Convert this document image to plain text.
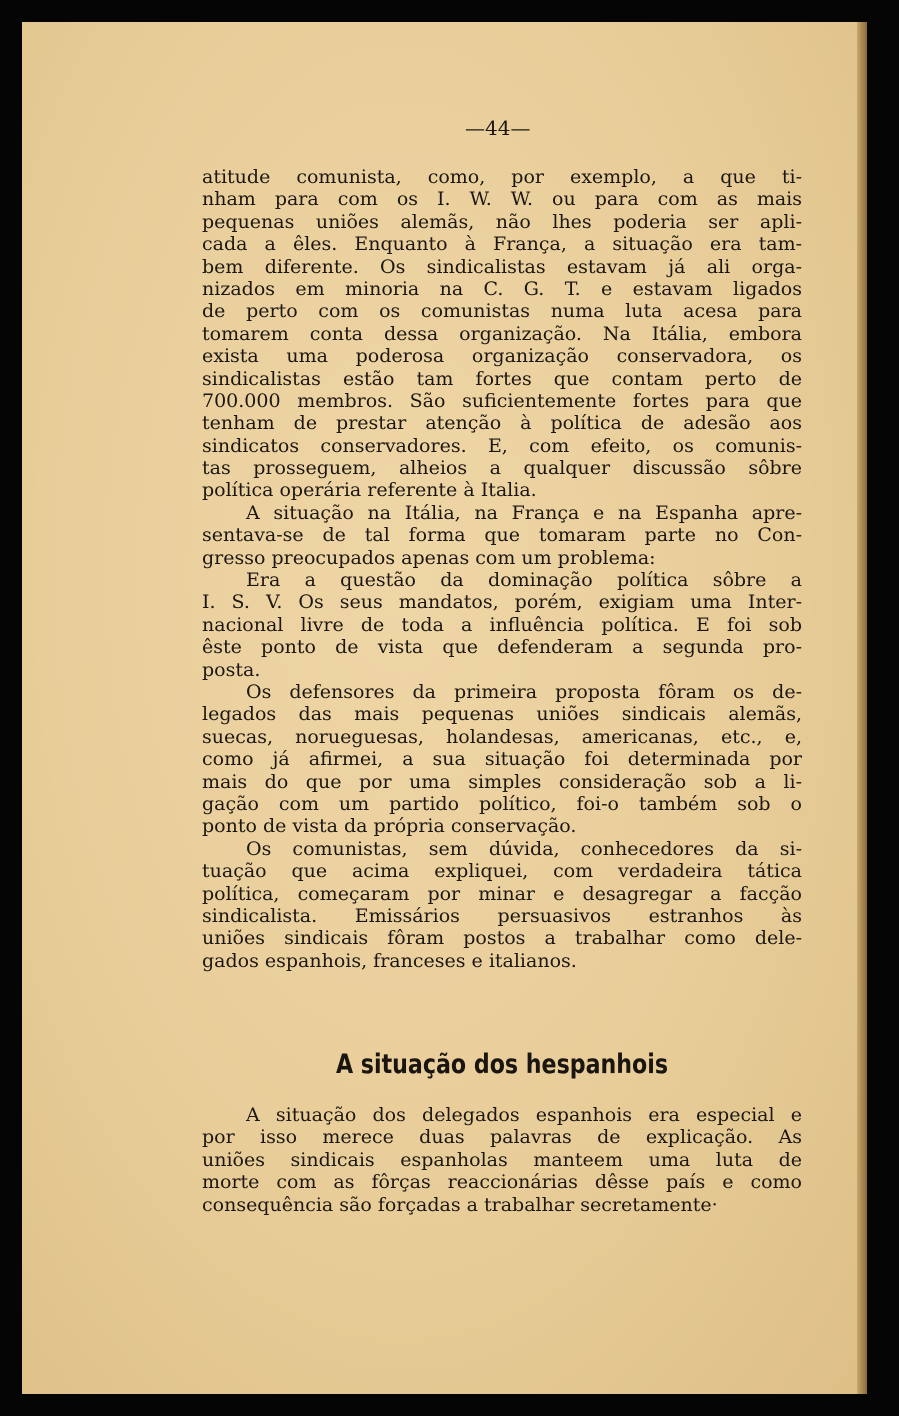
—44—
atitude comunista, como, por exemplo, a que ti-
nham para com os I. W. W. ou para com as mais
pequenas uniões alemãs, não lhes poderia ser apli-
cada a êles. Enquanto à França, a situação era tam-
bem diferente. Os sindicalistas estavam já ali orga-
nizados em minoria na C. G. T. e estavam ligados
de perto com os comunistas numa luta acesa para
tomarem conta dessa organização. Na Itália, embora
exista uma poderosa organização conservadora, os
sindicalistas estão tam fortes que contam perto de
700.000 membros. São suficientemente fortes para que
tenham de prestar atenção à política de adesão aos
sindicatos conservadores. E, com efeito, os comunis-
tas prosseguem, alheios a qualquer discussão sôbre
política operária referente à Italia.
A situação na Itália, na França e na Espanha apre-
sentava-se de tal forma que tomaram parte no Con-
gresso preocupados apenas com um problema:
Era a questão da dominação política sôbre a
I. S. V. Os seus mandatos, porém, exigiam uma Inter-
nacional livre de toda a influência política. E foi sob
êste ponto de vista que defenderam a segunda pro-
posta.
Os defensores da primeira proposta fôram os de-
legados das mais pequenas uniões sindicais alemãs,
suecas, norueguesas, holandesas, americanas, etc., e,
como já afirmei, a sua situação foi determinada por
mais do que por uma simples consideração sob a li-
gação com um partido político, foi-o também sob o
ponto de vista da própria conservação.
Os comunistas, sem dúvida, conhecedores da si-
tuação que acima expliquei, com verdadeira tática
política, começaram por minar e desagregar a facção
sindicalista. Emissários persuasivos estranhos às
uniões sindicais fôram postos a trabalhar como dele-
gados espanhois, franceses e italianos.
A situação dos hespanhois
A situação dos delegados espanhois era especial e
por isso merece duas palavras de explicação. As
uniões sindicais espanholas manteem uma luta de
morte com as fôrças reaccionárias dêsse país e como
consequência são forçadas a trabalhar secretamente·
